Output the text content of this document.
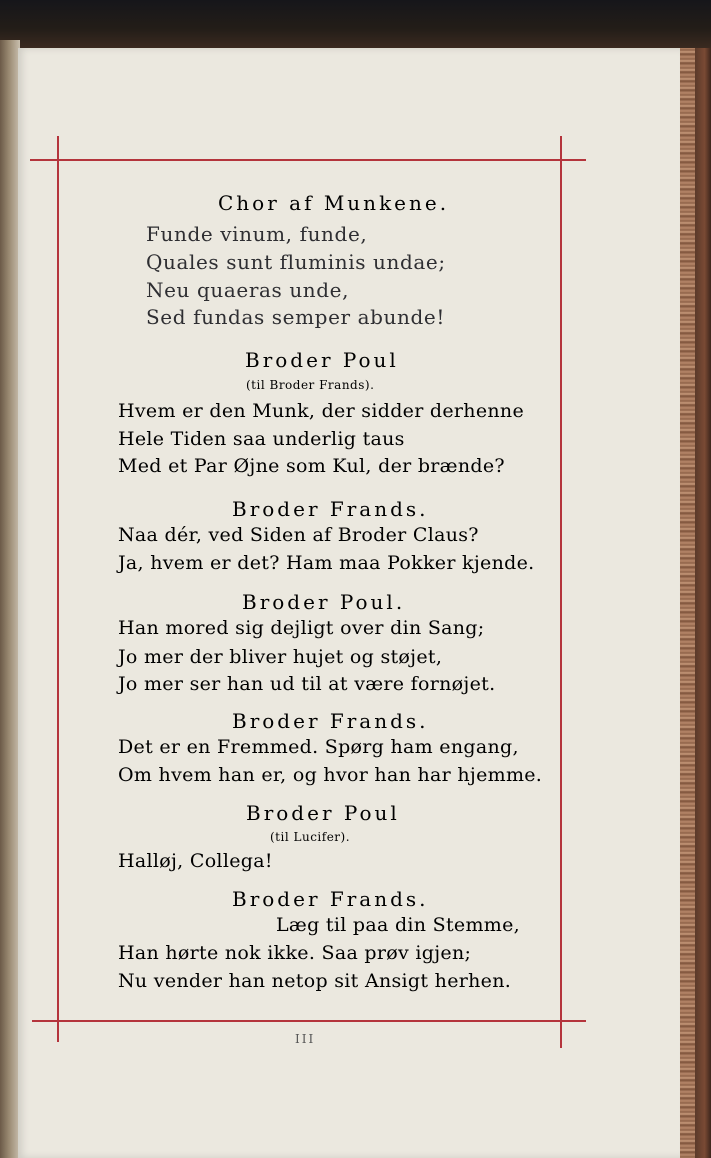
Chor af Munkene.
Funde vinum, funde,
Quales sunt fluminis undae;
Neu quaeras unde,
Sed fundas semper abunde!
Broder Poul
(til Broder Frands).
Hvem er den Munk, der sidder derhenne
Hele Tiden saa underlig taus
Med et Par Øjne som Kul, der brænde?
Broder Frands.
Naa dér, ved Siden af Broder Claus?
Ja, hvem er det? Ham maa Pokker kjende.
Broder Poul.
Han mored sig dejligt over din Sang;
Jo mer der bliver hujet og støjet,
Jo mer ser han ud til at være fornøjet.
Broder Frands.
Det er en Fremmed. Spørg ham engang,
Om hvem han er, og hvor han har hjemme.
Broder Poul
(til Lucifer).
Halløj, Collega!
Broder Frands.
Læg til paa din Stemme,
Han hørte nok ikke. Saa prøv igjen;
Nu vender han netop sit Ansigt herhen.
III
